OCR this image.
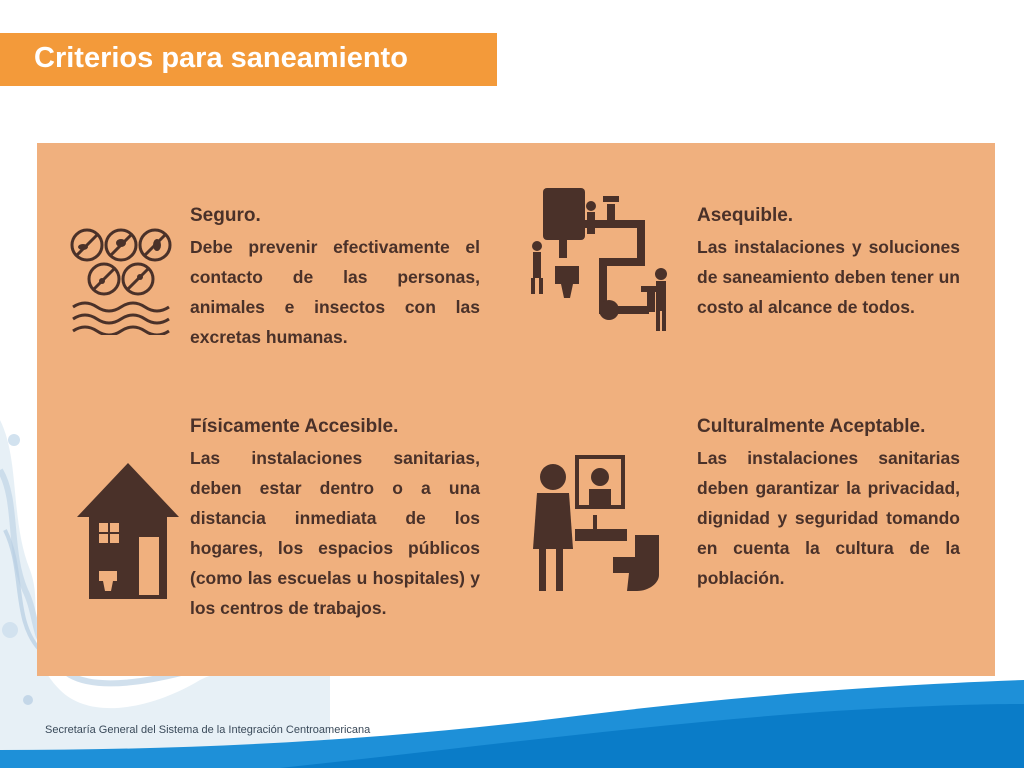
Criterios para saneamiento
Seguro.

Debe prevenir efectivamente el contacto de las personas, animales e insectos con las excretas humanas.

Asequible.

Las instalaciones y soluciones de saneamiento deben tener un costo al alcance de todos.

Físicamente Accesible.

Las instalaciones sanitarias, deben estar dentro o a una distancia inmediata de los hogares, los espacios públicos (como las escuelas u hospitales) y los centros de trabajos.

Culturalmente Aceptable.

Las instalaciones sanitarias deben garantizar la privacidad, dignidad y seguridad tomando en cuenta la cultura de la población.

Secretaría General del Sistema de la Integración Centroamericana
